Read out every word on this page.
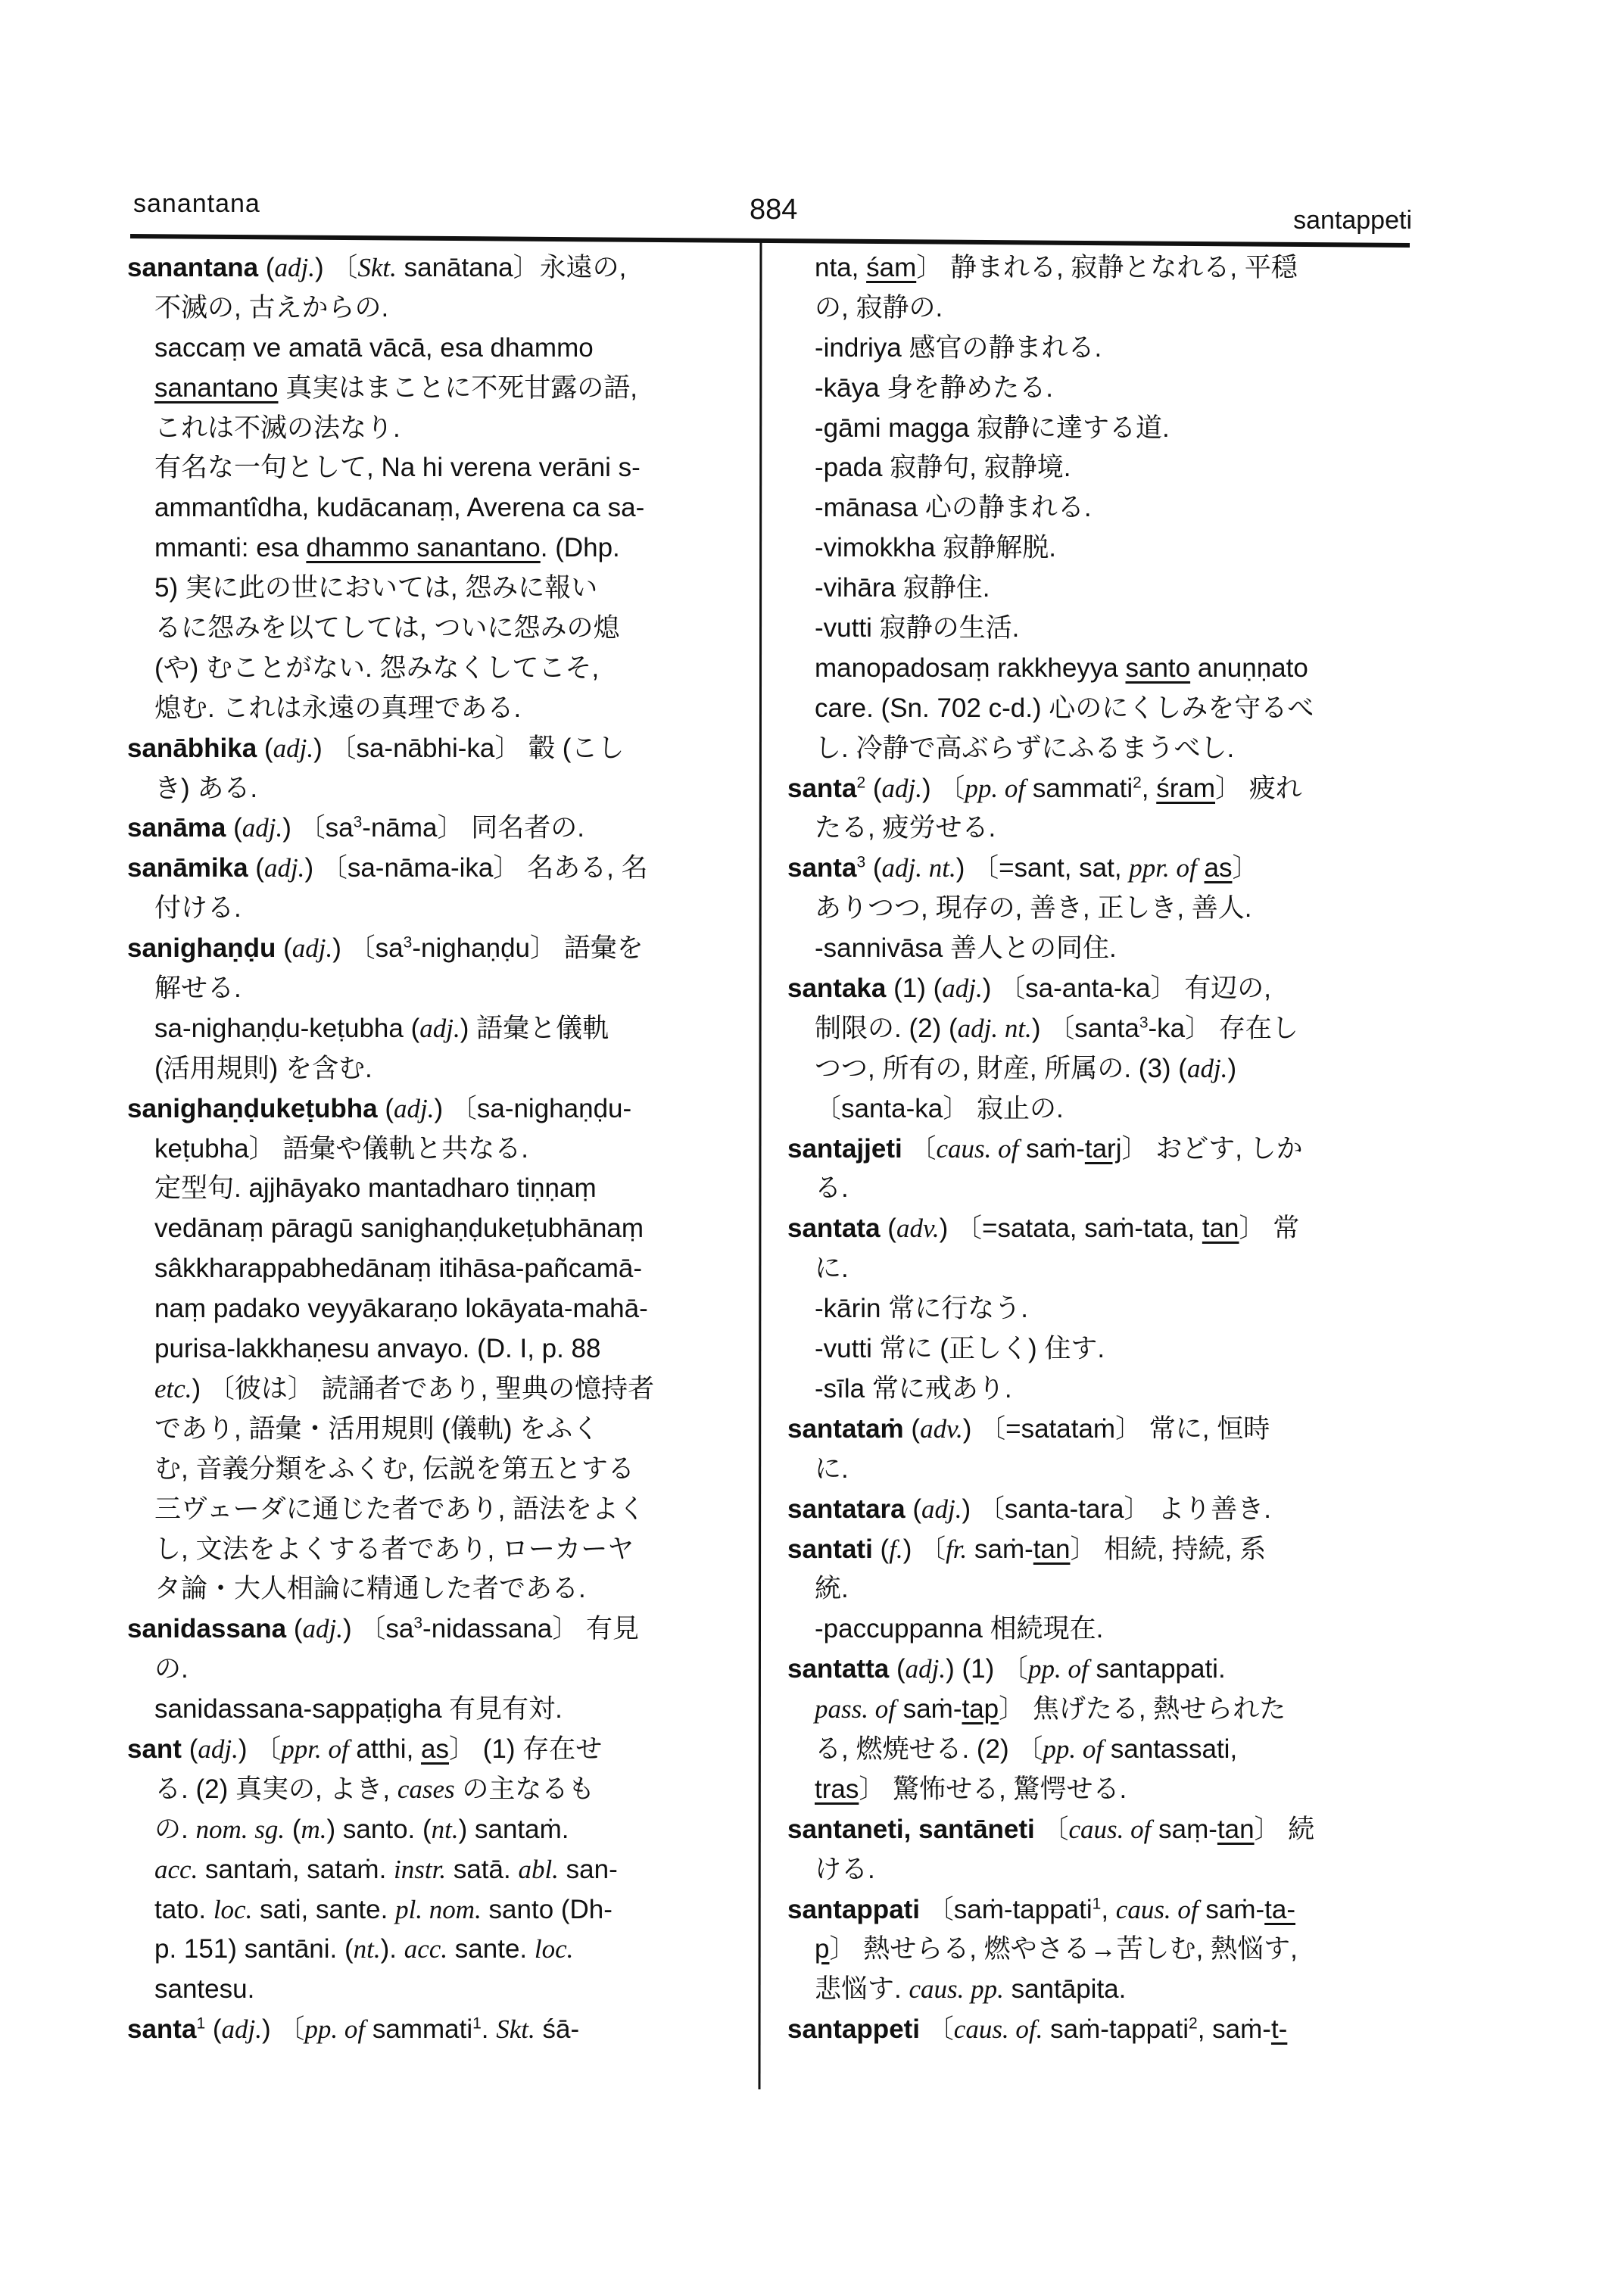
sanantana	884	santappeti
sanantana (adj.) 〔Skt. sanātana〕永遠の,
不滅の, 古えからの.
saccaṃ ve amatā vācā, esa dhammo
sanantano 真実はまことに不死甘露の語,
これは不滅の法なり.
有名な一句として, Na hi verena verāni s-
ammantîdha, kudācanaṃ, Averena ca sa-
mmanti: esa dhammo sanantano. (Dhp.
5) 実に此の世においては, 怨みに報い
るに怨みを以てしては, ついに怨みの熄
(や) むことがない. 怨みなくしてこそ,
熄む. これは永遠の真理である.
sanābhika (adj.) 〔sa-nābhi-ka〕 轂 (こし
き) ある.
sanāma (adj.) 〔$sa^3$-nāma〕 同名者の.
sanāmika (adj.) 〔sa-nāma-ika〕 名ある, 名
付ける.
sanighaṇḍu (adj.) 〔$sa^3$-nighaṇḍu〕 語彙を
解せる.
sa-nighaṇḍu-keṭubha (adj.) 語彙と儀軌
(活用規則) を含む.
sanighaṇḍukeṭubha (adj.) 〔sa-nighaṇḍu-
keṭubha〕 語彙や儀軌と共なる.
定型句. ajjhāyako mantadharo tiṇṇaṃ
vedānaṃ pāragū sanighaṇḍukeṭubhānaṃ
sâkkharappabhedānaṃ itihāsa-pañcamā-
naṃ padako veyyākaraṇo lokāyata-mahā-
purisa-lakkhaṇesu anvayo. (D. I, p. 88
etc.) 〔彼は〕 読誦者であり, 聖典の憶持者
であり, 語彙・活用規則 (儀軌) をふく
む, 音義分類をふくむ, 伝説を第五とする
三ヴェーダに通じた者であり, 語法をよく
し, 文法をよくする者であり, ローカーヤ
タ論・大人相論に精通した者である.
sanidassana (adj.) 〔$sa^3$-nidassana〕 有見
の.
sanidassana-sappaṭigha 有見有対.
sant (adj.) 〔ppr. of atthi, as〕 (1) 存在せ
る. (2) 真実の, よき, cases の主なるも
の. nom. sg. (m.) santo. (nt.) santaṁ.
acc. santaṁ, sataṁ. instr. satā. abl. san-
tato. loc. sati, sante. pl. nom. santo (Dh-
p. 151) santāni. (nt.). acc. sante. loc.
santesu.
santa$^1$ (adj.) 〔pp. of sammati$^1$. Skt. śā-
nta, śam〕 静まれる, 寂静となれる, 平穏
の, 寂静の.
-indriya 感官の静まれる.
-kāya 身を静めたる.
-gāmi magga 寂静に達する道.
-pada 寂静句, 寂静境.
-mānasa 心の静まれる.
-vimokkha 寂静解脱.
-vihāra 寂静住.
-vutti 寂静の生活.
manopadosaṃ rakkheyya santo anuṇṇato
care. (Sn. 702 c-d.) 心のにくしみを守るべ
し. 冷静で高ぶらずにふるまうべし.
santa$^2$ (adj.) 〔pp. of sammati$^2$, śram〕 疲れ
たる, 疲労せる.
santa$^3$ (adj. nt.) 〔=sant, sat, ppr. of as〕
ありつつ, 現存の, 善き, 正しき, 善人.
-sannivāsa 善人との同住.
santaka (1) (adj.) 〔sa-anta-ka〕 有辺の,
制限の. (2) (adj. nt.) 〔santa$^3$-ka〕 存在し
つつ, 所有の, 財産, 所属の. (3) (adj.)
〔santa-ka〕 寂止の.
santajjeti 〔caus. of saṁ-tarj〕 おどす, しか
る.
santata (adv.) 〔=satata, saṁ-tata, tan〕 常
に.
-kārin 常に行なう.
-vutti 常に (正しく) 住す.
-sīla 常に戒あり.
santataṁ (adv.) 〔=satataṁ〕 常に, 恒時
に.
santatara (adj.) 〔santa-tara〕 より善き.
santati (f.) 〔fr. saṁ-tan〕 相続, 持続, 系
統.
-paccuppanna 相続現在.
santatta (adj.) (1) 〔pp. of santappati.
pass. of saṁ-tap〕 焦げたる, 熱せられた
る, 燃焼せる. (2) 〔pp. of santassati,
tras〕 驚怖せる, 驚愕せる.
santaneti, santāneti 〔caus. of saṃ-tan〕 続
ける.
santappati 〔saṁ-tappati$^1$, caus. of saṁ-ta-
p〕 熱せらる, 燃やさる→苦しむ, 熱悩す,
悲悩す. caus. pp. santāpita.
santappeti 〔caus. of. saṁ-tappati$^2$, saṁ-t-
